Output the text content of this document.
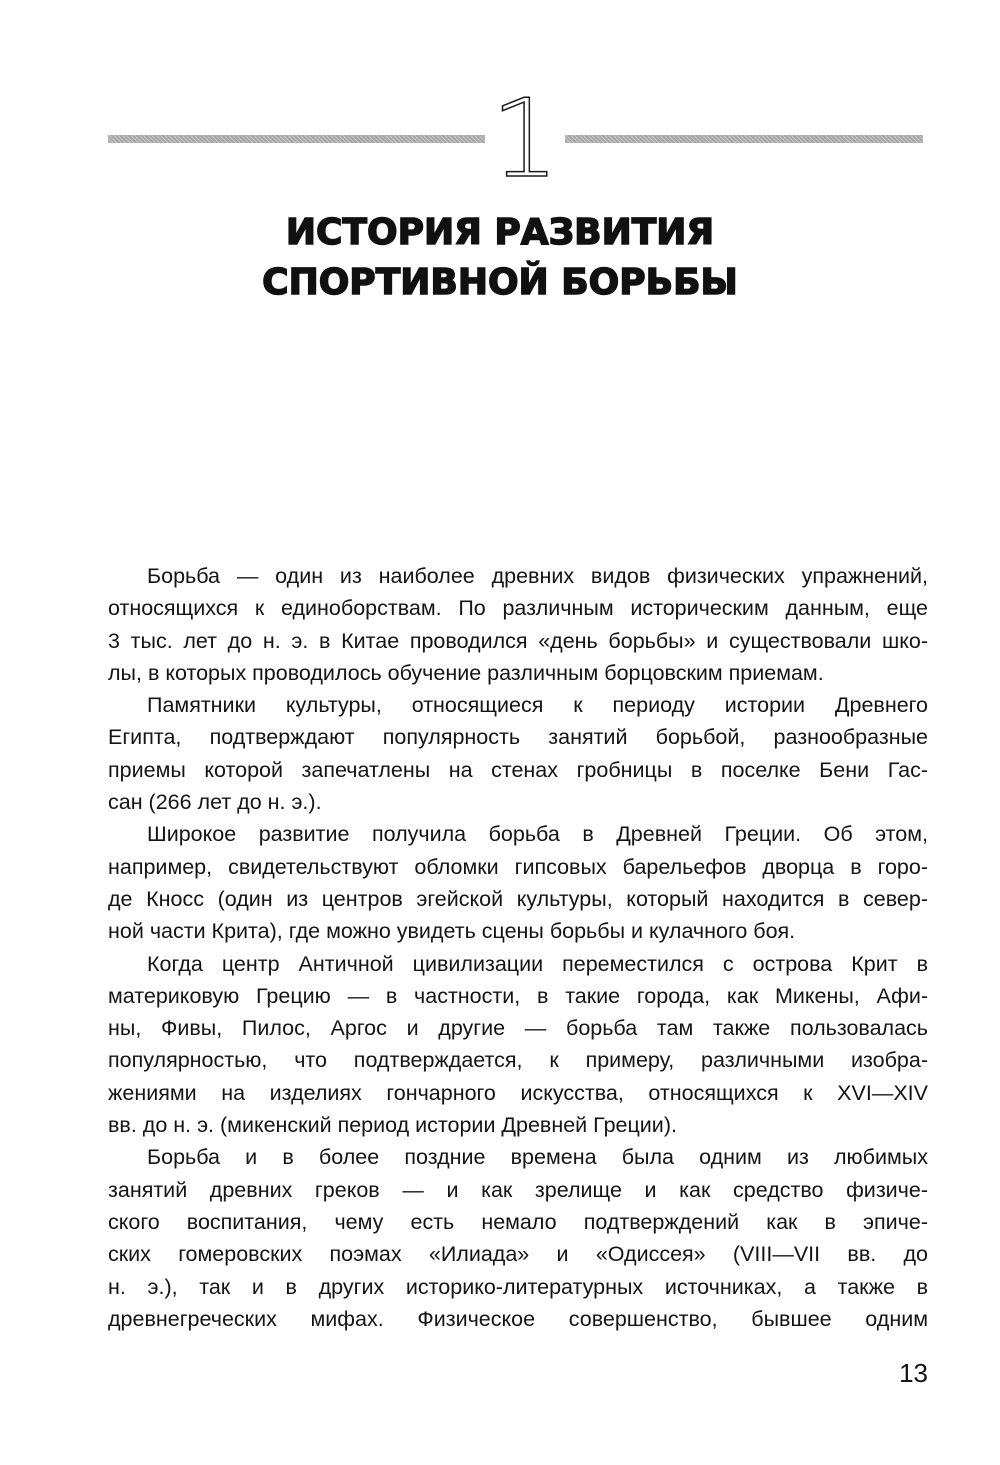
1
ИСТОРИЯ РАЗВИТИЯ
СПОРТИВНОЙ БОРЬБЫ

Борьба — один из наиболее древних видов физических упражнений,
относящихся к единоборствам. По различным историческим данным, еще
3 тыс. лет до н. э. в Китае проводился «день борьбы» и существовали шко-
лы, в которых проводилось обучение различным борцовским приемам.

Памятники культуры, относящиеся к периоду истории Древнего
Египта, подтверждают популярность занятий борьбой, разнообразные
приемы которой запечатлены на стенах гробницы в поселке Бени Гас-
сан (266 лет до н. э.).

Широкое развитие получила борьба в Древней Греции. Об этом,
например, свидетельствуют обломки гипсовых барельефов дворца в горо-
де Кносс (один из центров эгейской культуры, который находится в север-
ной части Крита), где можно увидеть сцены борьбы и кулачного боя.

Когда центр Античной цивилизации переместился с острова Крит в
материковую Грецию — в частности, в такие города, как Микены, Афи-
ны, Фивы, Пилос, Аргос и другие — борьба там также пользовалась
популярностью, что подтверждается, к примеру, различными изобра-
жениями на изделиях гончарного искусства, относящихся к XVI—XIV
вв. до н. э. (микенский период истории Древней Греции).

Борьба и в более поздние времена была одним из любимых
занятий древних греков — и как зрелище и как средство физиче-
ского воспитания, чему есть немало подтверждений как в эпиче-
ских гомеровских поэмах «Илиада» и «Одиссея» (VIII—VII вв. до
н. э.), так и в других историко-литературных источниках, а также в
древнегреческих мифах. Физическое совершенство, бывшее одним

13
